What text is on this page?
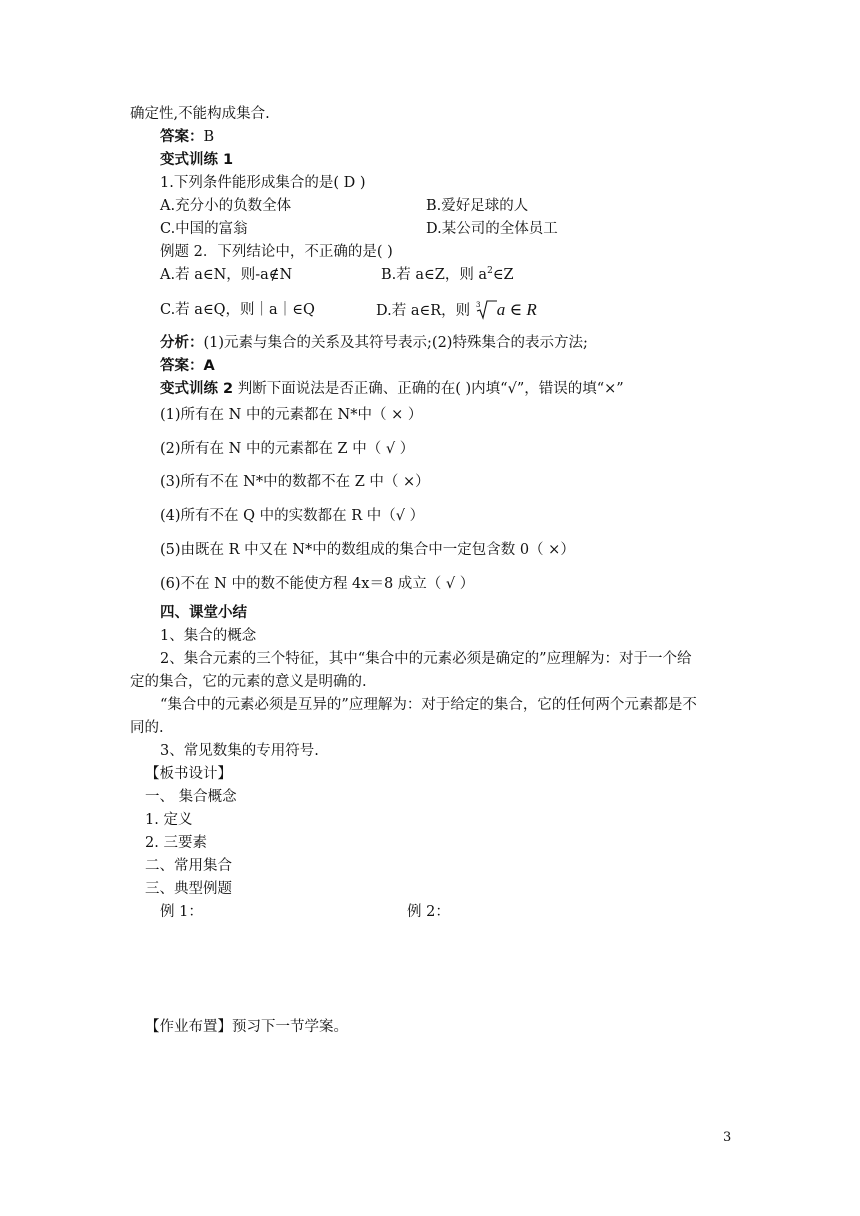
确定性,不能构成集合.
答案：B
变式训练 1
1.下列条件能形成集合的是( D )
A.充分小的负数全体	B.爱好足球的人
C.中国的富翁	D.某公司的全体员工
例题 2．下列结论中，不正确的是( )
A.若 a∈N，则-a∉N	B.若 a∈Z，则 $a^2\in Z$
C.若 a∈Q，则｜a｜∈Q	D.若 a∈R，则 3 a ∈ R
分析：(1)元素与集合的关系及其符号表示;(2)特殊集合的表示方法;
答案：A
变式训练 2 判断下面说法是否正确、正确的在( )内填“√”，错误的填“×”
(1)所有在 N 中的元素都在 N*中（ × ）
(2)所有在 N 中的元素都在 Z 中（ √ ）
(3)所有不在 N*中的数都不在 Z 中（ ×）
(4)所有不在 Q 中的实数都在 R 中（√ ）
(5)由既在 R 中又在 N*中的数组成的集合中一定包含数 0（ ×）
(6)不在 N 中的数不能使方程 4x＝8 成立（ √ ）
四、课堂小结
1、集合的概念
2、集合元素的三个特征，其中“集合中的元素必须是确定的”应理解为：对于一个给
定的集合，它的元素的意义是明确的.
“集合中的元素必须是互异的”应理解为：对于给定的集合，它的任何两个元素都是不
同的.
3、常见数集的专用符号.
【板书设计】
一、 集合概念
1. 定义
2. 三要素
二、常用集合
三、典型例题
例 1：	例 2：
【作业布置】预习下一节学案。
3
